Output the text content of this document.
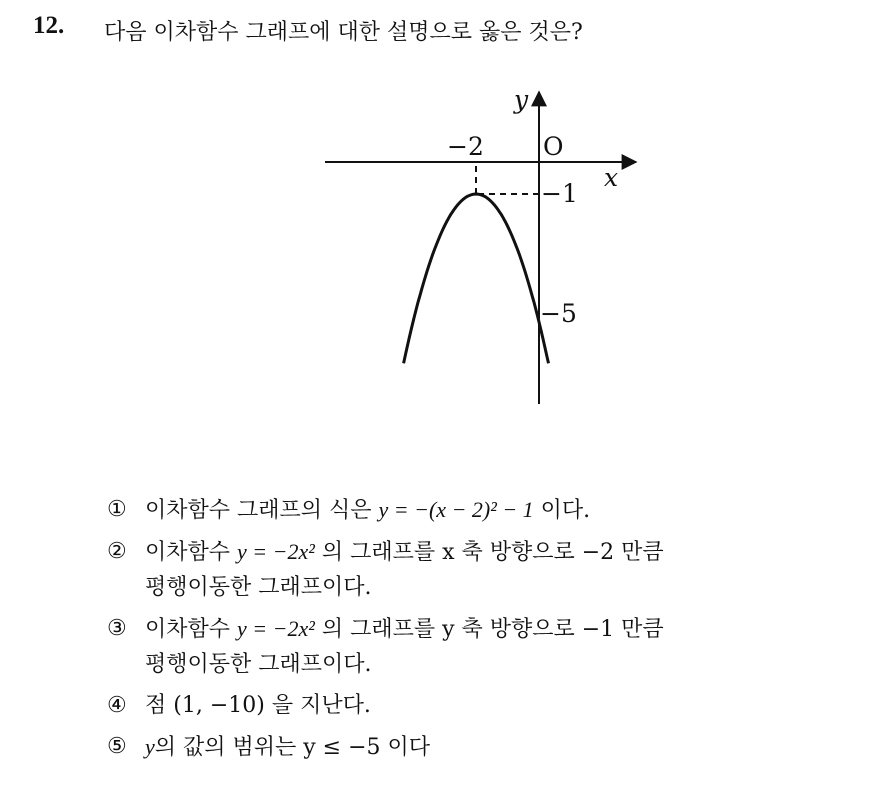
12. 다음 이차함수 그래프에 대한 설명으로 옳은 것은?
y
x
O
−2
−1
−5
① 이차함수 그래프의 식은 y = −(x − 2)² − 1 이다.
② 이차함수 y = −2x² 의 그래프를 x 축 방향으로 −2 만큼
평행이동한 그래프이다.
③ 이차함수 y = −2x² 의 그래프를 y 축 방향으로 −1 만큼
평행이동한 그래프이다.
④ 점 (1, −10) 을 지난다.
⑤ y의 값의 범위는 y ≤ −5 이다
